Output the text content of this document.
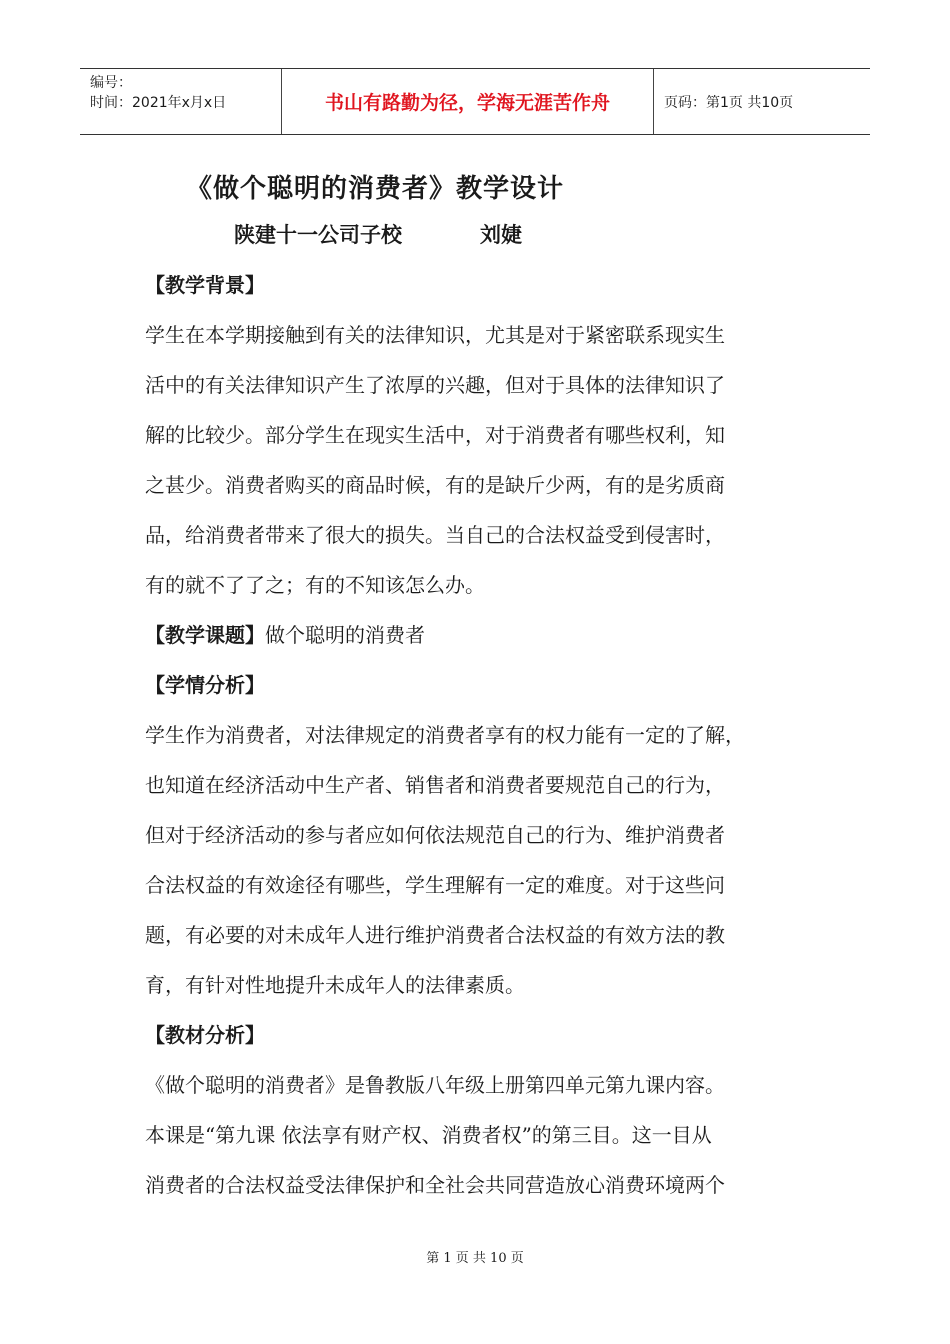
编号：
时间：2021年x月x日	书山有路勤为径，学海无涯苦作舟	页码：第1页 共10页
《做个聪明的消费者》教学设计
陕建十一公司子校	刘婕
【教学背景】
学生在本学期接触到有关的法律知识，尤其是对于紧密联系现实生
活中的有关法律知识产生了浓厚的兴趣，但对于具体的法律知识了
解的比较少。部分学生在现实生活中，对于消费者有哪些权利，知
之甚少。消费者购买的商品时候，有的是缺斤少两，有的是劣质商
品，给消费者带来了很大的损失。当自己的合法权益受到侵害时，
有的就不了了之；有的不知该怎么办。
【教学课题】做个聪明的消费者
【学情分析】
学生作为消费者，对法律规定的消费者享有的权力能有一定的了解，
也知道在经济活动中生产者、销售者和消费者要规范自己的行为，
但对于经济活动的参与者应如何依法规范自己的行为、维护消费者
合法权益的有效途径有哪些，学生理解有一定的难度。对于这些问
题，有必要的对未成年人进行维护消费者合法权益的有效方法的教
育，有针对性地提升未成年人的法律素质。
【教材分析】
《做个聪明的消费者》是鲁教版八年级上册第四单元第九课内容。
本课是“第九课 依法享有财产权、消费者权”的第三目。这一目从
消费者的合法权益受法律保护和全社会共同营造放心消费环境两个
第 1 页 共 10 页
